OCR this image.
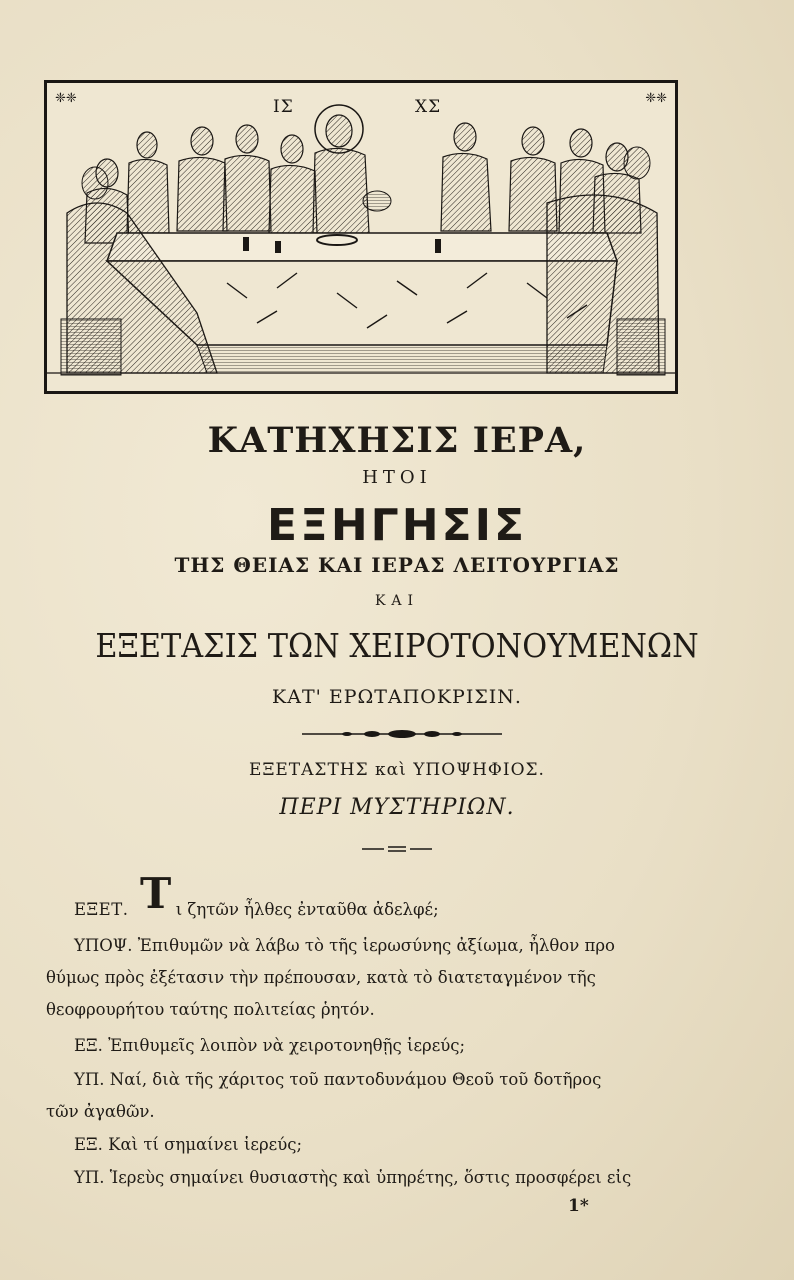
❈❈	❈❈
ΙΣ	ΧΣ
ΚΑΤΗΧΗΣΙΣ ΙΕΡΑ,
ΗΤΟΙ
ΕΞΗΓΗΣΙΣ
ΤΗΣ ΘΕΙΑΣ ΚΑΙ ΙΕΡΑΣ ΛΕΙΤΟΥΡΓΙΑΣ
ΚΑΙ
ΕΞΕΤΑΣΙΣ ΤΩΝ ΧΕΙΡΟΤΟΝΟΥΜΕΝΩΝ
ΚΑΤ' ΕΡΩΤΑΠΟΚΡΙΣΙΝ.
ΕΞΕΤΑΣΤΗΣ καὶ ΥΠΟΨΗΦΙΟΣ.
ΠΕΡΙ ΜΥΣΤΗΡΙΩΝ.
Τ
ΕΞΕΤ.	ι ζητῶν ἦλθες ἐνταῦθα ἀδελφέ;
ΥΠΟΨ. Ἐπιθυμῶν νὰ λάβω τὸ τῆς ἱερωσύνης ἀξίωμα, ἦλθον προ
θύμως πρὸς ἐξέτασιν τὴν πρέπουσαν, κατὰ τὸ διατεταγμένον τῆς
θεοφρουρήτου ταύτης πολιτείας ῥητόν.
ΕΞ. Ἐπιθυμεῖς λοιπὸν νὰ χειροτονηθῇς ἱερεύς;
ΥΠ. Ναί, διὰ τῆς χάριτος τοῦ παντοδυνάμου Θεοῦ τοῦ δοτῆρος
τῶν ἀγαθῶν.
ΕΞ. Καὶ τί σημαίνει ἱερεύς;
ΥΠ. Ἱερεὺς σημαίνει θυσιαστὴς καὶ ὑπηρέτης, ὅστις προσφέρει εἰς
1*
